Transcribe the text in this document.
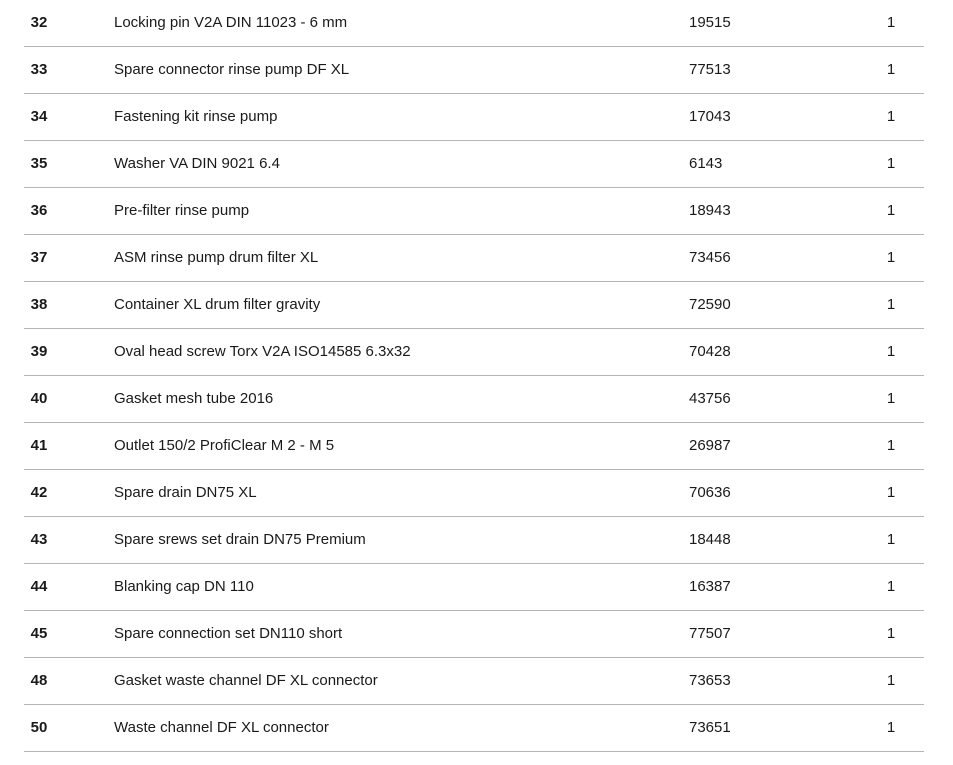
32	Locking pin V2A DIN 11023 - 6 mm	19515	1
33	Spare connector rinse pump DF XL	77513	1
34	Fastening kit rinse pump	17043	1
35	Washer VA DIN 9021 6.4	6143	1
36	Pre-filter rinse pump	18943	1
37	ASM rinse pump drum filter XL	73456	1
38	Container XL drum filter gravity	72590	1
39	Oval head screw Torx V2A ISO14585 6.3x32	70428	1
40	Gasket mesh tube 2016	43756	1
41	Outlet 150/2 ProfiClear M 2 - M 5	26987	1
42	Spare drain DN75 XL	70636	1
43	Spare srews set drain DN75 Premium	18448	1
44	Blanking cap DN 110	16387	1
45	Spare connection set DN110 short	77507	1
48	Gasket waste channel DF XL connector	73653	1
50	Waste channel DF XL connector	73651	1
